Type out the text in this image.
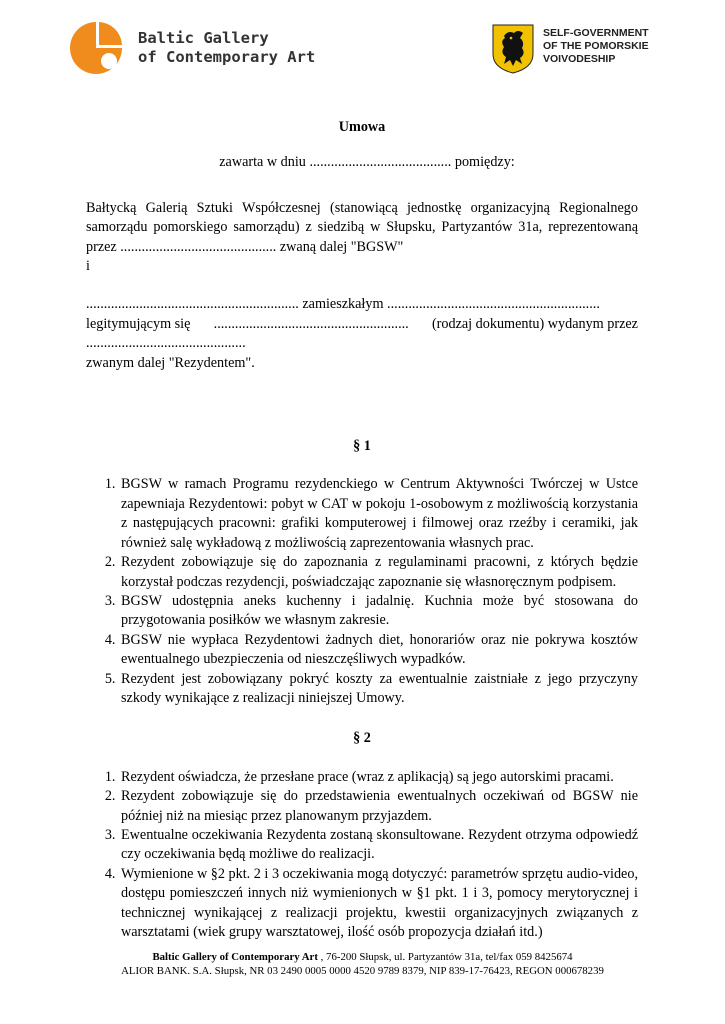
Baltic Gallery
of Contemporary Art
SELF-GOVERNMENT
OF THE POMORSKIE
VOIVODESHIP
Umowa
zawarta w dniu ........................................ pomiędzy:
Bałtycką Galerią Sztuki Współczesnej (stanowiącą jednostkę organizacyjną Regionalnego samorządu pomorskiego samorządu) z siedzibą w Słupsku, Partyzantów 31a, reprezentowaną przez ............................................ zwaną dalej "BGSW"
i
............................................................ zamieszkałym ............................................................
legitymującym się ....................................................... (rodzaj dokumentu) wydanym przez
.............................................
zwanym dalej "Rezydentem".
§ 1
1. BGSW w ramach Programu rezydenckiego w Centrum Aktywności Twórczej w Ustce zapewniaja Rezydentowi: pobyt w CAT w pokoju 1-osobowym z możliwością korzystania z następujących pracowni: grafiki komputerowej i filmowej oraz rzeźby i ceramiki, jak również salę wykładową z możliwością zaprezentowania własnych prac.
2. Rezydent zobowiązuje się do zapoznania z regulaminami pracowni, z których będzie korzystał podczas rezydencji, poświadczając zapoznanie się własnoręcznym podpisem.
3. BGSW udostępnia aneks kuchenny i jadalnię. Kuchnia może być stosowana do przygotowania posiłków we własnym zakresie.
4. BGSW nie wypłaca Rezydentowi żadnych diet, honorariów oraz nie pokrywa kosztów ewentualnego ubezpieczenia od nieszczęśliwych wypadków.
5. Rezydent jest zobowiązany pokryć koszty za ewentualnie zaistniałe z jego przyczyny szkody wynikające z realizacji niniejszej Umowy.
§ 2
1. Rezydent oświadcza, że przesłane prace (wraz z aplikacją) są jego autorskimi pracami.
2. Rezydent zobowiązuje się do przedstawienia ewentualnych oczekiwań od BGSW nie później niż na miesiąc przez planowanym przyjazdem.
3. Ewentualne oczekiwania Rezydenta zostaną skonsultowane. Rezydent otrzyma odpowiedź czy oczekiwania będą możliwe do realizacji.
4. Wymienione w §2 pkt. 2 i 3 oczekiwania mogą dotyczyć: parametrów sprzętu audio-video, dostępu pomieszczeń innych niż wymienionych w §1 pkt. 1 i 3, pomocy merytorycznej i technicznej wynikającej z realizacji projektu, kwestii organizacyjnych związanych z warsztatami (wiek grupy warsztatowej, ilość osób propozycja działań itd.)
Baltic Gallery of Contemporary Art , 76-200 Słupsk, ul. Partyzantów 31a, tel/fax 059 8425674
ALIOR BANK. S.A. Słupsk, NR 03 2490 0005 0000 4520 9789 8379, NIP 839-17-76423, REGON 000678239
